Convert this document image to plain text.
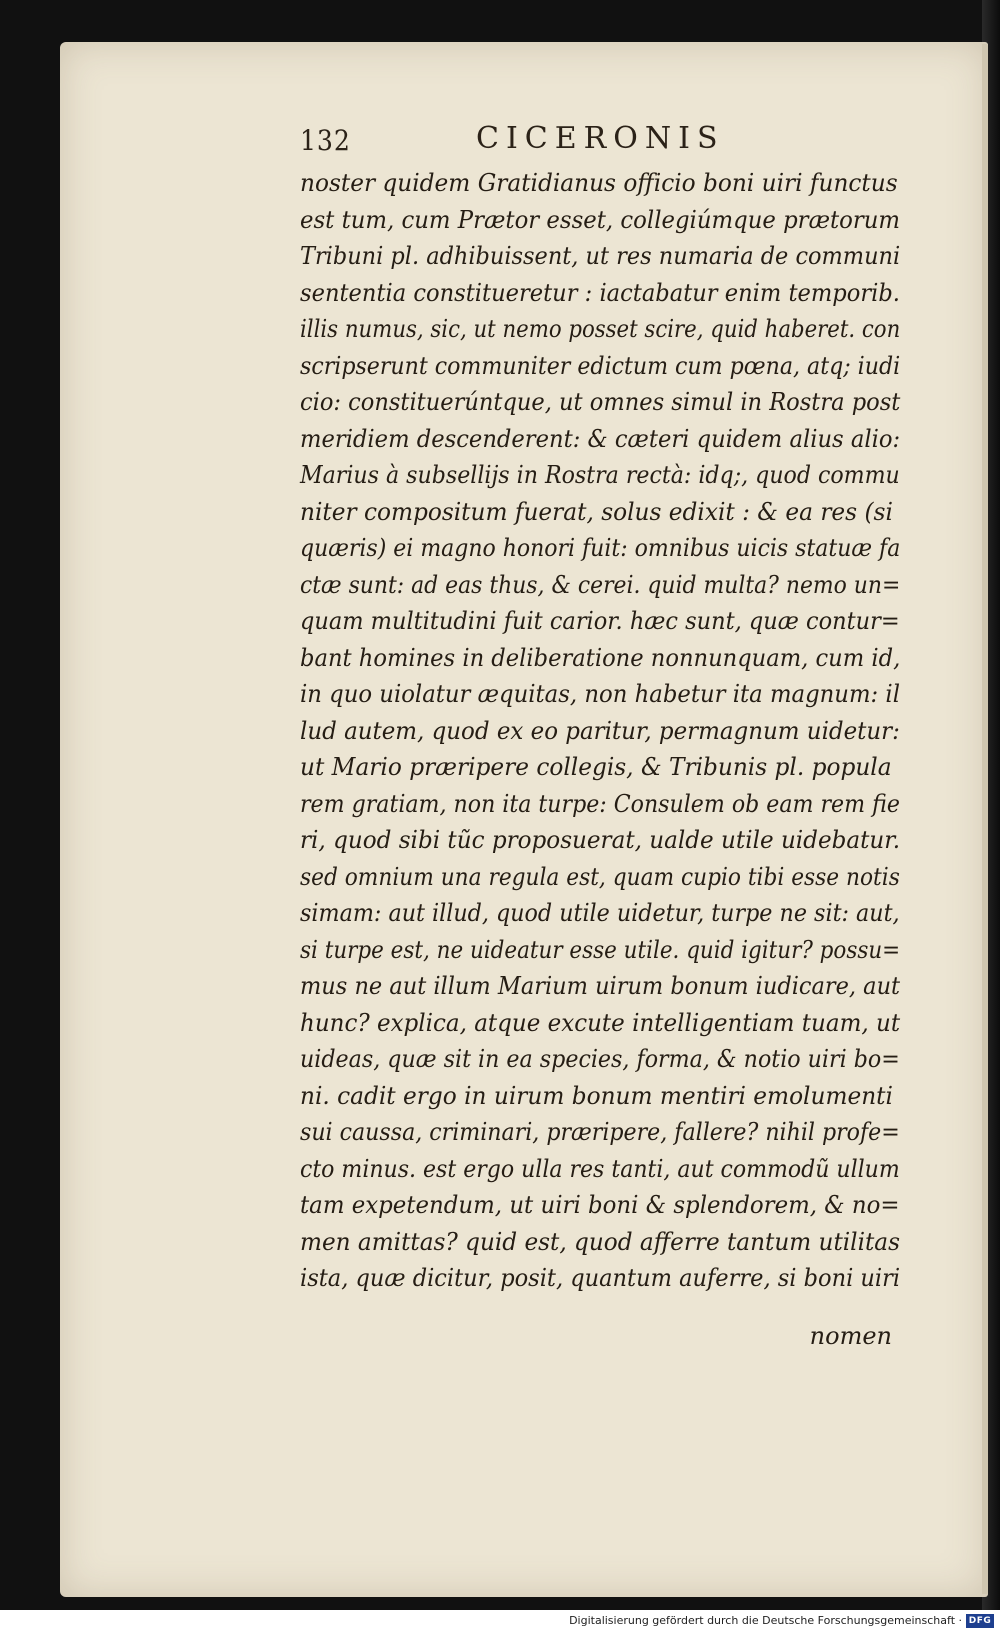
132	CICERONIS
noster quidem Gratidianus officio boni uiri functus
est tum, cum Prætor esset, collegiúmque prætorum
Tribuni pl. adhibuissent, ut res numaria de communi
sententia constitueretur : iactabatur enim temporib.
illis numus, sic, ut nemo posset scire, quid haberet. con
scripserunt communiter edictum cum pœna, atq; iudi
cio: constituerúntque, ut omnes simul in Rostra post
meridiem descenderent: & cæteri quidem alius alio:
Marius à subsellijs in Rostra rectà: idq;, quod commu
niter compositum fuerat, solus edixit : & ea res (si
quæris) ei magno honori fuit: omnibus uicis statuæ fa
ctæ sunt: ad eas thus, & cerei. quid multa? nemo un=
quam multitudini fuit carior. hæc sunt, quæ contur=
bant homines in deliberatione nonnunquam, cum id,
in quo uiolatur æquitas, non habetur ita magnum: il
lud autem, quod ex eo paritur, permagnum uidetur:
ut Mario præripere collegis, & Tribunis pl. popula
rem gratiam, non ita turpe: Consulem ob eam rem fie
ri, quod sibi tũc proposuerat, ualde utile uidebatur.
sed omnium una regula est, quam cupio tibi esse notis
simam: aut illud, quod utile uidetur, turpe ne sit: aut,
si turpe est, ne uideatur esse utile. quid igitur? possu=
mus ne aut illum Marium uirum bonum iudicare, aut
hunc? explica, atque excute intelligentiam tuam, ut
uideas, quæ sit in ea species, forma, & notio uiri bo=
ni. cadit ergo in uirum bonum mentiri emolumenti
sui caussa, criminari, præripere, fallere? nihil profe=
cto minus. est ergo ulla res tanti, aut commodũ ullum
tam expetendum, ut uiri boni & splendorem, & no=
men amittas? quid est, quod afferre tantum utilitas
ista, quæ dicitur, posit, quantum auferre, si boni uiri
nomen
Digitalisierung gefördert durch die Deutsche Forschungsgemeinschaft · DFG
